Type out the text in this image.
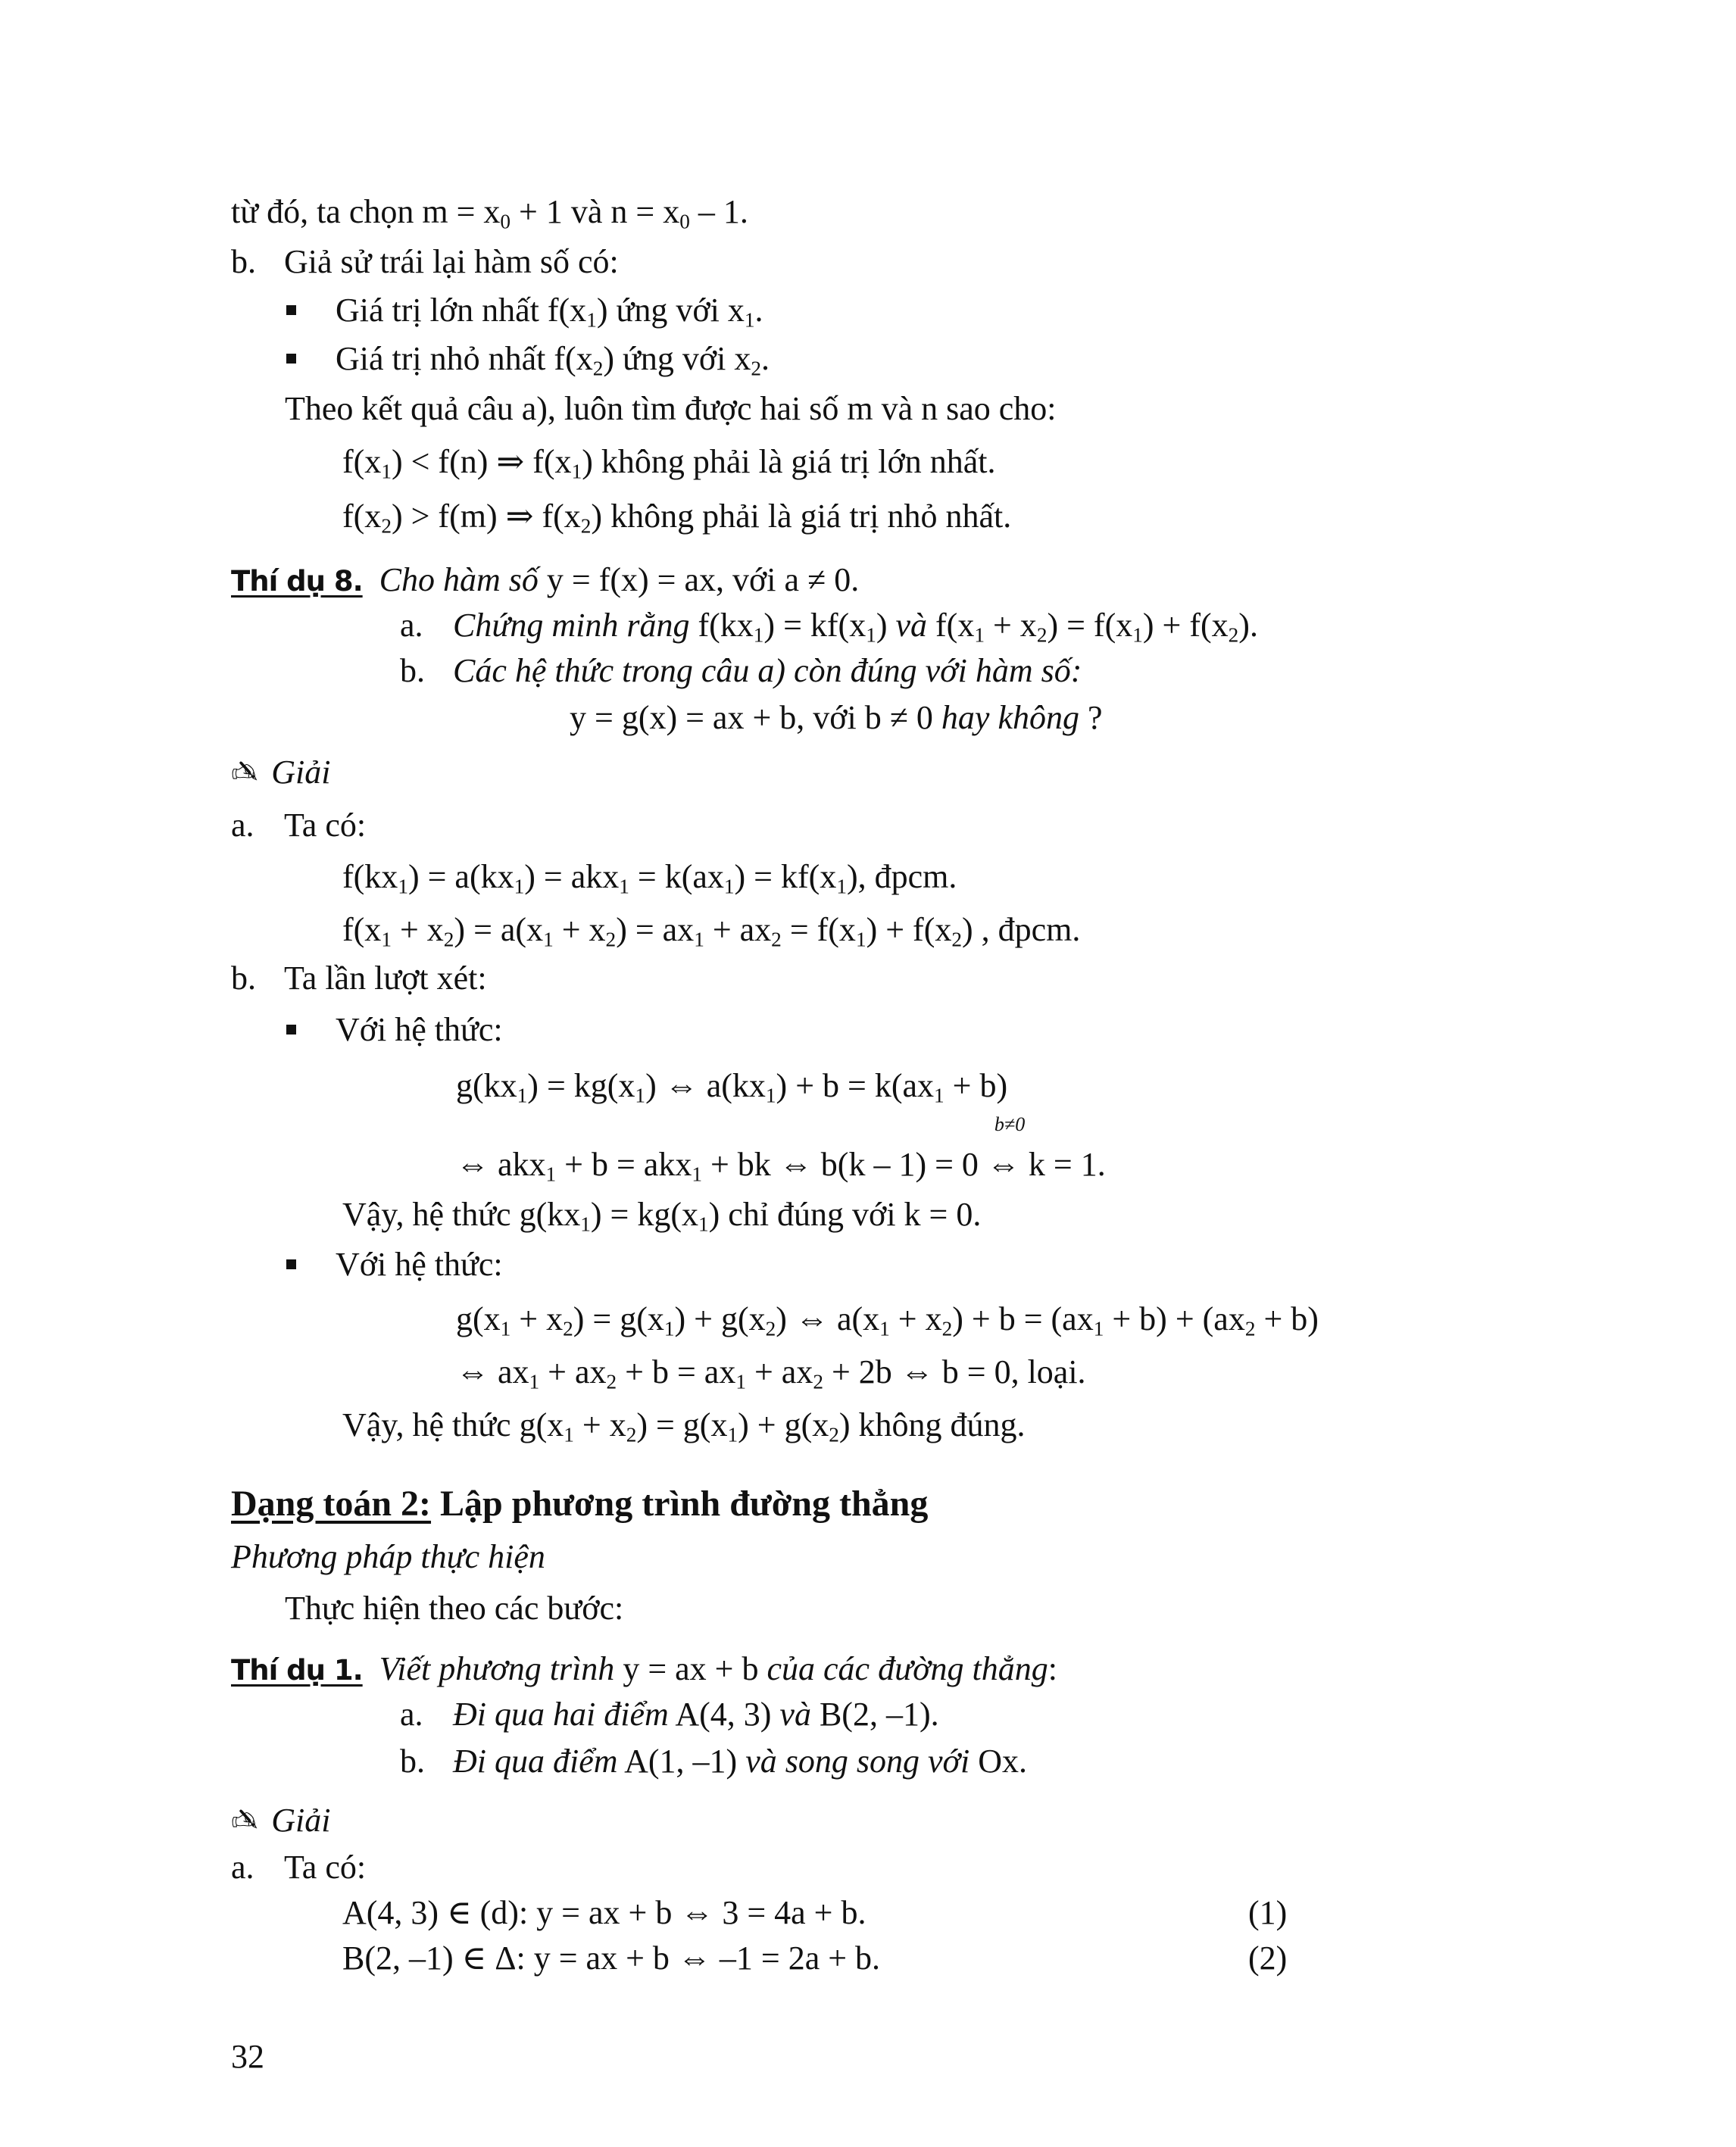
từ đó, ta chọn $m = x_0 + 1$ và $n = x_0 - 1$.
b. Giả sử trái lại hàm số có:
Giá trị lớn nhất $f(x_1)$ ứng với $x_1$.
Giá trị nhỏ nhất $f(x_2)$ ứng với $x_2$.
Theo kết quả câu a), luôn tìm được hai số m và n sao cho:
$f(x_1) < f(n)$ ⇒ $f(x_1)$ không phải là giá trị lớn nhất.
$f(x_2) > f(m)$ ⇒ $f(x_2)$ không phải là giá trị nhỏ nhất.
Thí dụ 8. Cho hàm số y = f(x) = ax, với a ≠ 0.
a. Chứng minh rằng $f(kx_1) = kf(x_1)$ và $f(x_1 + x_2) = f(x_1) + f(x_2)$.
b. Các hệ thức trong câu a) còn đúng với hàm số:
y = g(x) = ax + b, với b ≠ 0 hay không ?
✍ Giải
a. Ta có:
$f(kx_1) = a(kx_1) = akx_1 = k(ax_1) = kf(x_1)$, đpcm.
$f(x_1 + x_2) = a(x_1 + x_2) = ax_1 + ax_2 = f(x_1) + f(x_2)$ , đpcm.
b. Ta lần lượt xét:
Với hệ thức:
$g(kx_1) = kg(x_1)$ ⇔ $a(kx_1) + b = k(ax_1 + b)$
⇔ akx$_1$ + b = akx$_1$ + bk ⇔ b(k – 1) = 0
b≠0
⇔ k = 1.
Vậy, hệ thức $g(kx_1) = kg(x_1)$ chỉ đúng với k = 0.
Với hệ thức:
$g(x_1 + x_2) = g(x_1) + g(x_2)$ ⇔ $a(x_1 + x_2) + b = (ax_1 + b) + (ax_2 + b)$
⇔ $ax_1 + ax_2 + b = ax_1 + ax_2 + 2b$ ⇔ b = 0, loại.
Vậy, hệ thức $g(x_1 + x_2) = g(x_1) + g(x_2)$ không đúng.
Dạng toán 2: Lập phương trình đường thẳng
Phương pháp thực hiện
Thực hiện theo các bước:
Thí dụ 1. Viết phương trình y = ax + b của các đường thẳng:
a. Đi qua hai điểm A(4, 3) và B(2, –1).
b. Đi qua điểm A(1, –1) và song song với Ox.
✍ Giải
a. Ta có:
A(4, 3) ∈ (d): y = ax + b ⇔ 3 = 4a + b.	(1)
B(2, –1) ∈ Δ: y = ax + b ⇔ –1 = 2a + b.	(2)
32
